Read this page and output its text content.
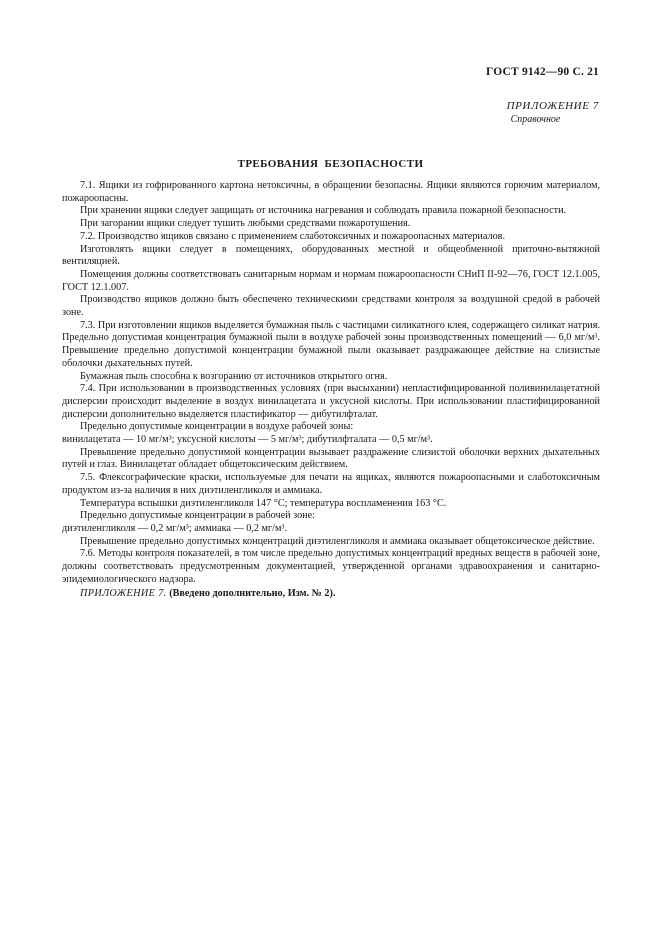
ГОСТ 9142—90 С. 21
ПРИЛОЖЕНИЕ 7
Справочное
ТРЕБОВАНИЯ БЕЗОПАСНОСТИ

7.1. Ящики из гофрированного картона нетоксичны, в обращении безопасны. Ящики являются горючим материалом, пожароопасны.

При хранении ящики следует защищать от источника нагревания и соблюдать правила пожарной безопасности.

При загорании ящики следует тушить любыми средствами пожаротушения.

7.2. Производство ящиков связано с применением слаботоксичных и пожароопасных материалов.

Изготовлять ящики следует в помещениях, оборудованных местной и общеобменной приточно-вытяжной вентиляцией.

Помещения должны соответствовать санитарным нормам и нормам пожароопасности СНиП II-92—76, ГОСТ 12.1.005, ГОСТ 12.1.007.

Производство ящиков должно быть обеспечено техническими средствами контроля за воздушной средой в рабочей зоне.

7.3. При изготовлении ящиков выделяется бумажная пыль с частицами силикатного клея, содержащего силикат натрия. Предельно допустимая концентрация бумажной пыли в воздухе рабочей зоны производственных помещений — 6,0 мг/м³. Превышение предельно допустимой концентрации бумажной пыли оказывает раздражающее действие на слизистые оболочки дыхательных путей.

Бумажная пыль способна к возгоранию от источников открытого огня.

7.4. При использовании в производственных условиях (при высыхании) непластифицированной поливинилацетатной дисперсии происходит выделение в воздух винилацетата и уксусной кислоты. При использовании пластифицированной дисперсии дополнительно выделяется пластификатор — дибутилфталат.

Предельно допустимые концентрации в воздухе рабочей зоны:

винилацетата — 10 мг/м³; уксусной кислоты — 5 мг/м³; дибутилфталата — 0,5 мг/м³.

Превышение предельно допустимой концентрации вызывает раздражение слизистой оболочки верхних дыхательных путей и глаз. Винилацетат обладает общетоксическим действием.

7.5. Флексографические краски, используемые для печати на ящиках, являются пожароопасными и слаботоксичным продуктом из-за наличия в них диэтиленгликоля и аммиака.

Температура вспышки диэтиленгликоля 147 °С; температура воспламенения 163 °С.

Предельно допустимые концентрации в рабочей зоне:

диэтиленгликоля — 0,2 мг/м³; аммиака — 0,2 мг/м³.

Превышение предельно допустимых концентраций диэтиленгликоля и аммиака оказывает общетоксическое действие.

7.6. Методы контроля показателей, в том числе предельно допустимых концентраций вредных веществ в рабочей зоне, должны соответствовать предусмотренным документацией, утвержденной органами здравоохранения и санитарно-эпидемиологического надзора.

ПРИЛОЖЕНИЕ 7. (Введено дополнительно, Изм. № 2).
